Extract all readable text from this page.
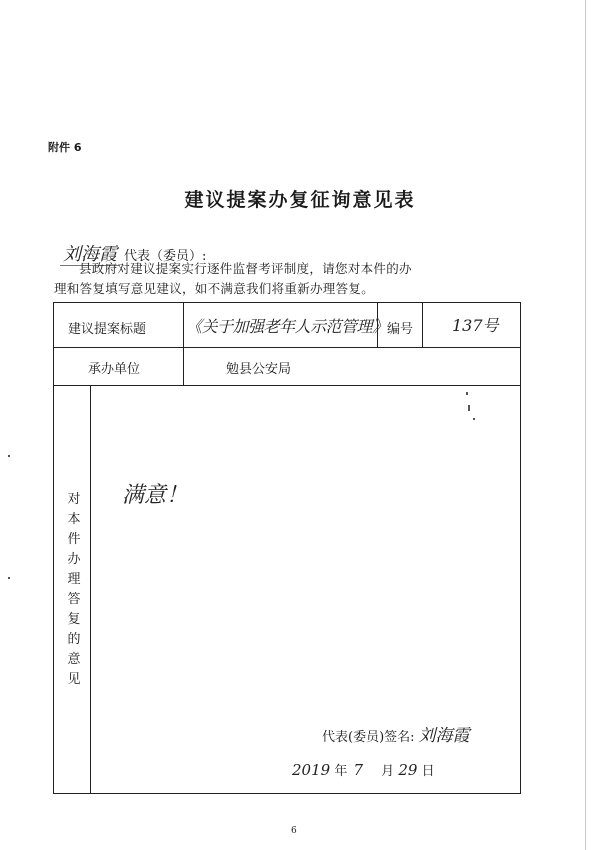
附件 6
建议提案办复征询意见表
刘海霞 代表（委员）:
县政府对建议提案实行逐件监督考评制度，请您对本件的办
理和答复填写意见建议，如不满意我们将重新办理答复。
建议提案标题 《关于加强老年人示范管理》 编号 137号
承办单位	勉县公安局
对
本
件
办
理
答
复
的
意
见
满意！
代表(委员)签名: 刘海霞
2019 年 7 月 29 日
6
